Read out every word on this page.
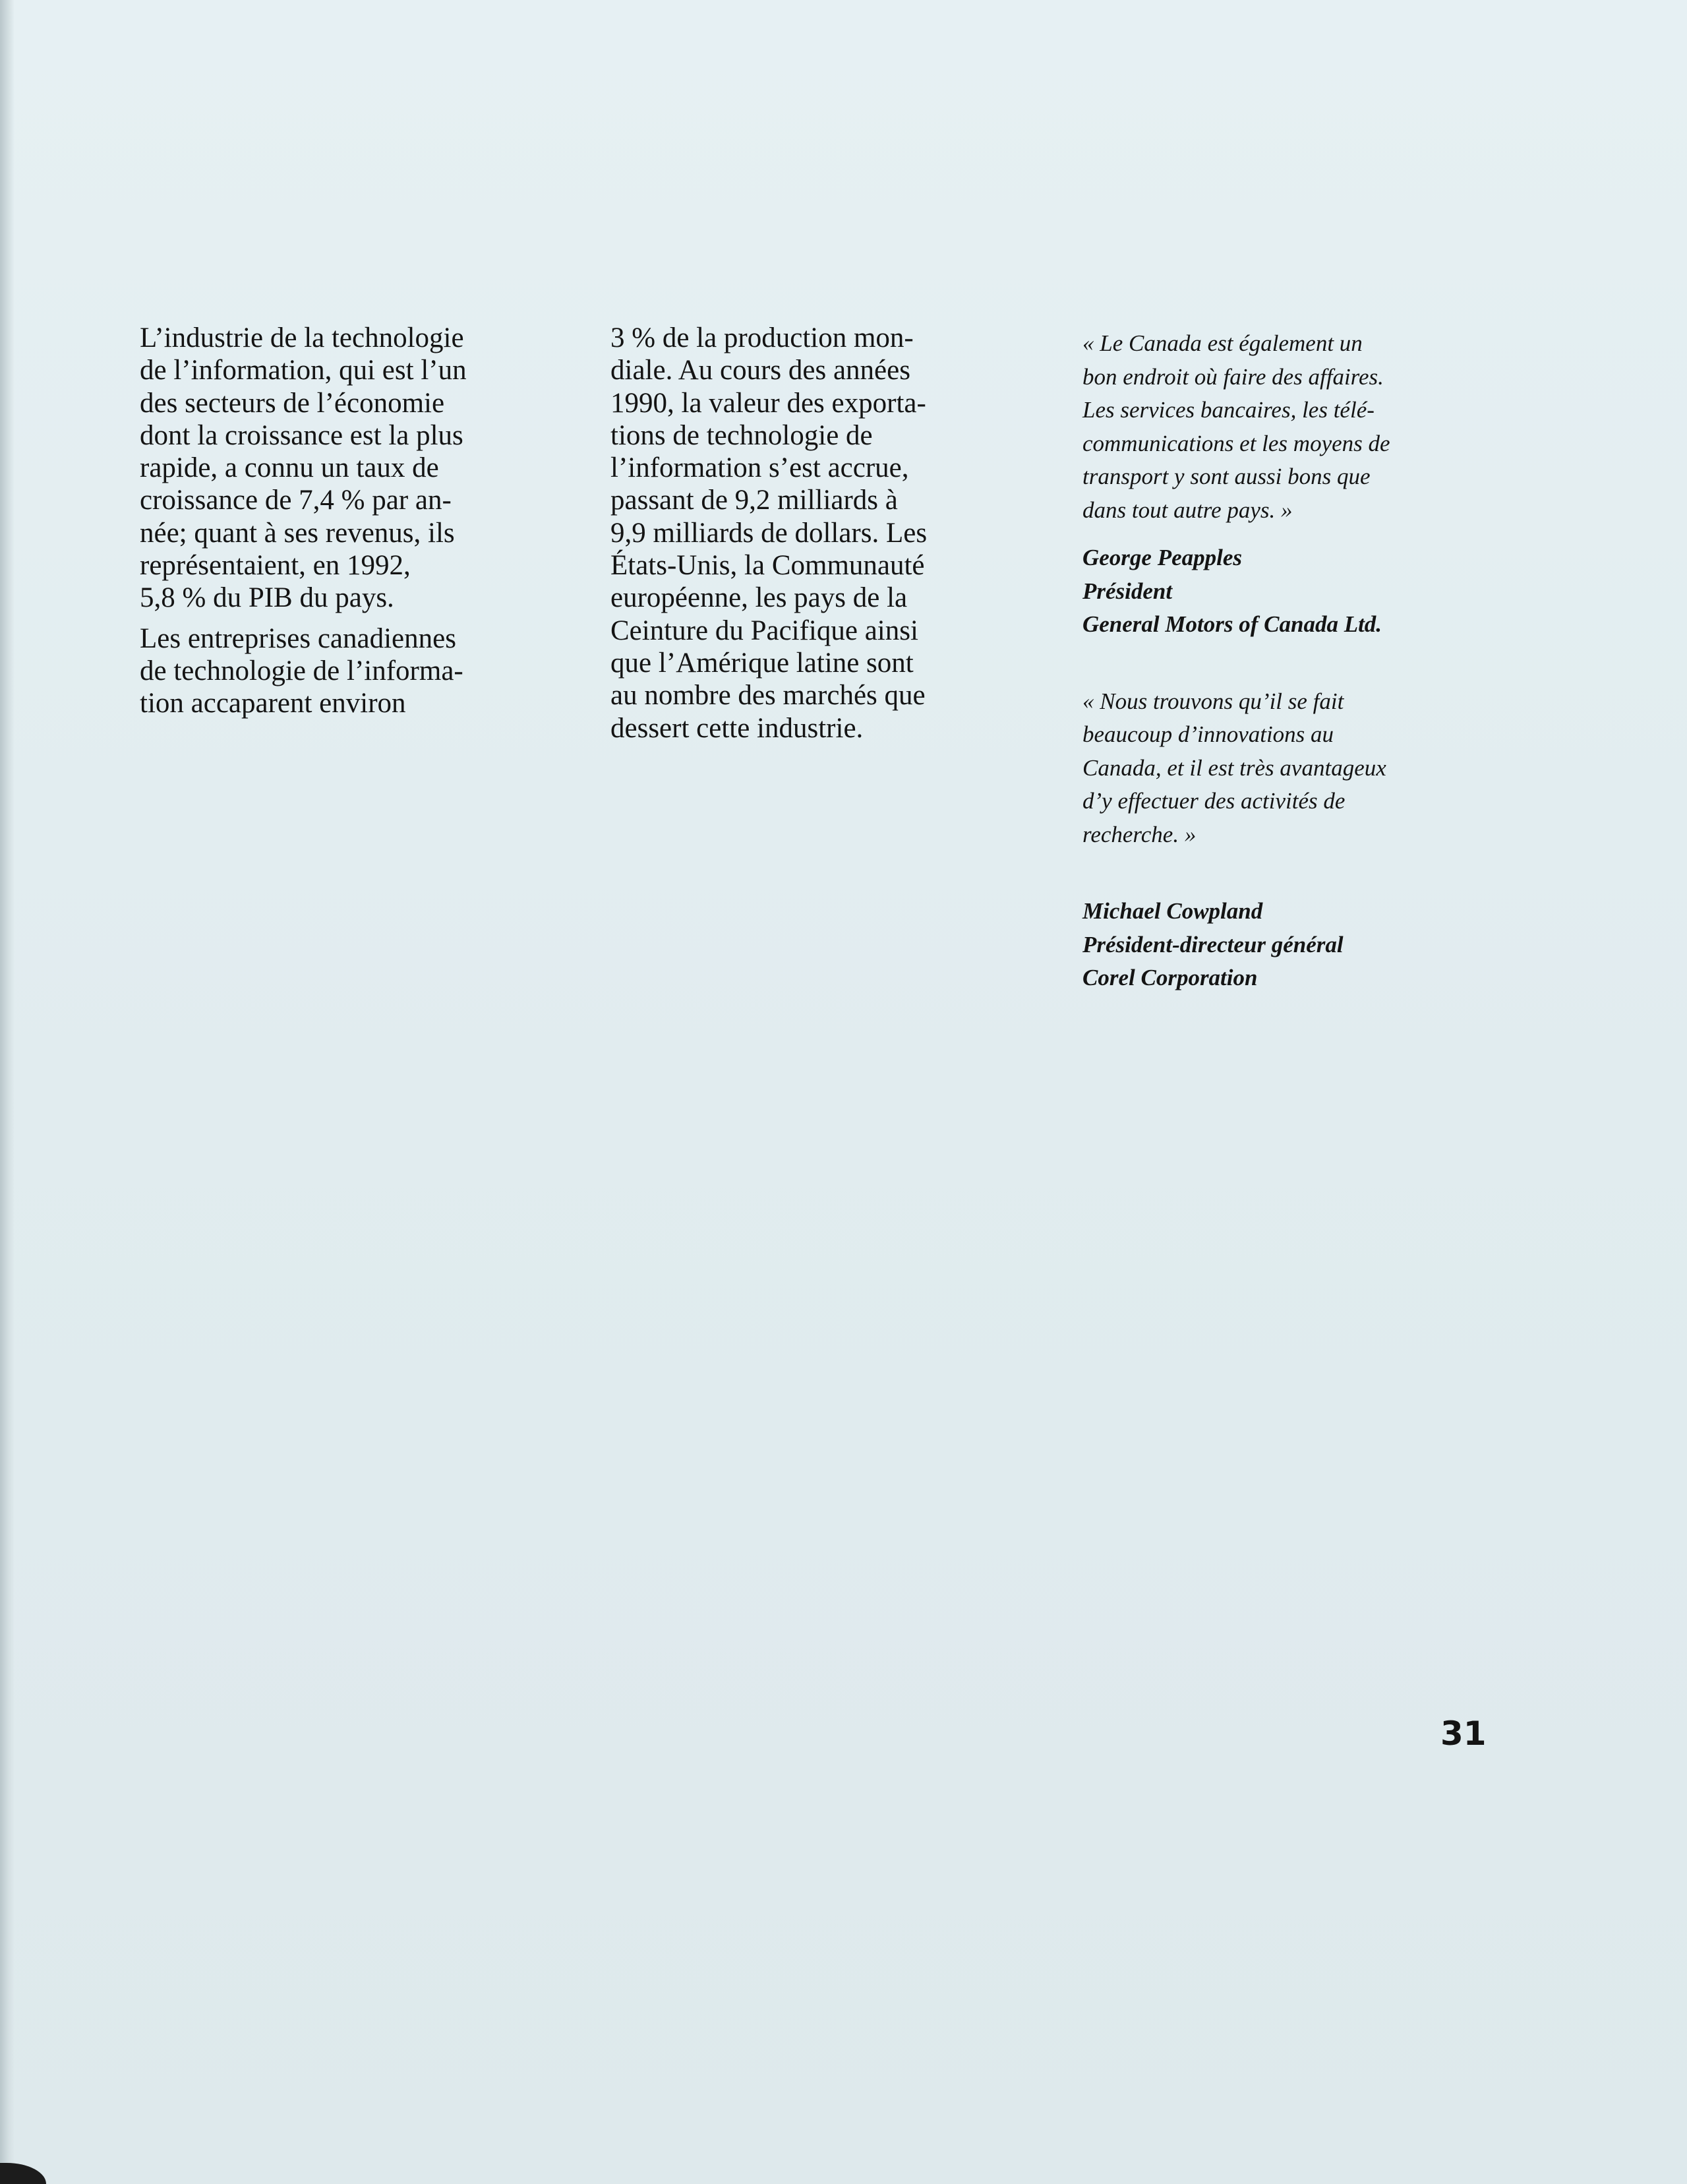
L’industrie de la technologie
de l’information, qui est l’un
des secteurs de l’économie
dont la croissance est la plus
rapide, a connu un taux de
croissance de 7,4 % par an-
née; quant à ses revenus, ils
représentaient, en 1992,
5,8 % du PIB du pays.

Les entreprises canadiennes
de technologie de l’informa-
tion accaparent environ

3 % de la production mon-
diale. Au cours des années
1990, la valeur des exporta-
tions de technologie de
l’information s’est accrue,
passant de 9,2 milliards à
9,9 milliards de dollars. Les
États-Unis, la Communauté
européenne, les pays de la
Ceinture du Pacifique ainsi
que l’Amérique latine sont
au nombre des marchés que
dessert cette industrie.

« Le Canada est également un
bon endroit où faire des affaires.
Les services bancaires, les télé-
communications et les moyens de
transport y sont aussi bons que
dans tout autre pays. »
George Peapples
Président
General Motors of Canada Ltd.
« Nous trouvons qu’il se fait
beaucoup d’innovations au
Canada, et il est très avantageux
d’y effectuer des activités de
recherche. »
Michael Cowpland
Président-directeur général
Corel Corporation
31
